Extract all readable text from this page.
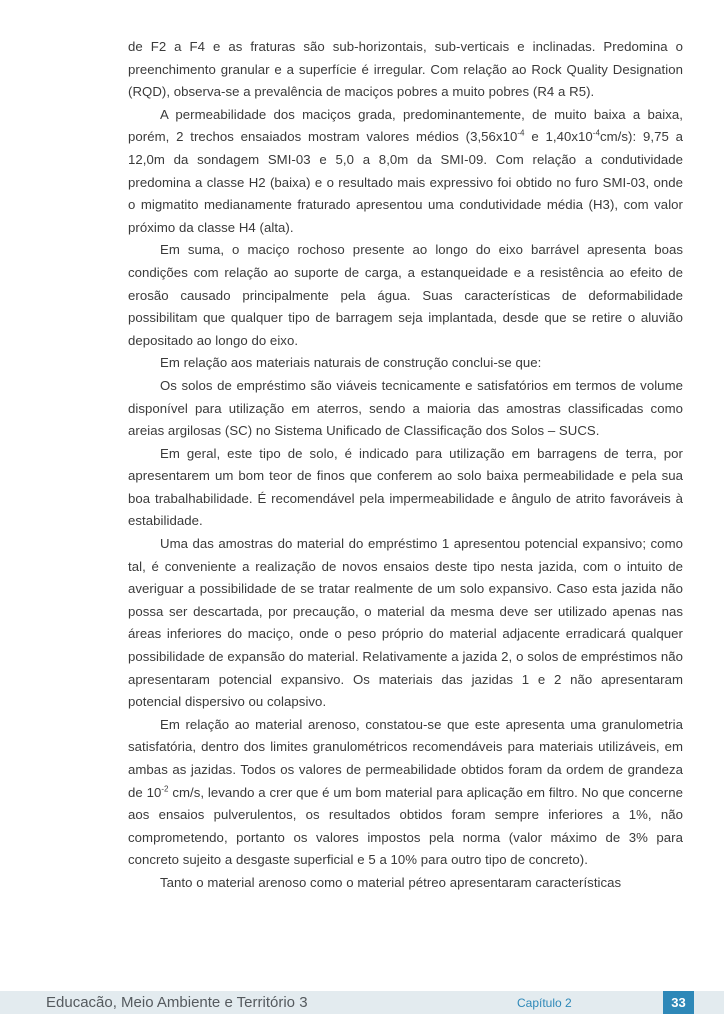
de F2 a F4 e as fraturas são sub-horizontais, sub-verticais e inclinadas. Predomina o preenchimento granular e a superfície é irregular. Com relação ao Rock Quality Designation (RQD), observa-se a prevalência de maciços pobres a muito pobres (R4 a R5).

A permeabilidade dos maciços grada, predominantemente, de muito baixa a baixa, porém, 2 trechos ensaiados mostram valores médios ($3,56x10^{-4}$ e $1,40x10^{-4}cm/s$): 9,75 a 12,0m da sondagem SMI-03 e 5,0 a 8,0m da SMI-09. Com relação a condutividade predomina a classe H2 (baixa) e o resultado mais expressivo foi obtido no furo SMI-03, onde o migmatito medianamente fraturado apresentou uma condutividade média (H3), com valor próximo da classe H4 (alta).

Em suma, o maciço rochoso presente ao longo do eixo barrável apresenta boas condições com relação ao suporte de carga, a estanqueidade e a resistência ao efeito de erosão causado principalmente pela água. Suas características de deformabilidade possibilitam que qualquer tipo de barragem seja implantada, desde que se retire o aluvião depositado ao longo do eixo.

Em relação aos materiais naturais de construção conclui-se que:

Os solos de empréstimo são viáveis tecnicamente e satisfatórios em termos de volume disponível para utilização em aterros, sendo a maioria das amostras classificadas como areias argilosas (SC) no Sistema Unificado de Classificação dos Solos – SUCS.

Em geral, este tipo de solo, é indicado para utilização em barragens de terra, por apresentarem um bom teor de finos que conferem ao solo baixa permeabilidade e pela sua boa trabalhabilidade. É recomendável pela impermeabilidade e ângulo de atrito favoráveis à estabilidade.

Uma das amostras do material do empréstimo 1 apresentou potencial expansivo; como tal, é conveniente a realização de novos ensaios deste tipo nesta jazida, com o intuito de averiguar a possibilidade de se tratar realmente de um solo expansivo. Caso esta jazida não possa ser descartada, por precaução, o material da mesma deve ser utilizado apenas nas áreas inferiores do maciço, onde o peso próprio do material adjacente erradicará qualquer possibilidade de expansão do material. Relativamente a jazida 2, o solos de empréstimos não apresentaram potencial expansivo. Os materiais das jazidas 1 e 2 não apresentaram potencial dispersivo ou colapsivo.

Em relação ao material arenoso, constatou-se que este apresenta uma granulometria satisfatória, dentro dos limites granulométricos recomendáveis para materiais utilizáveis, em ambas as jazidas. Todos os valores de permeabilidade obtidos foram da ordem de grandeza de $10^{-2}$ cm/s, levando a crer que é um bom material para aplicação em filtro. No que concerne aos ensaios pulverulentos, os resultados obtidos foram sempre inferiores a 1%, não comprometendo, portanto os valores impostos pela norma (valor máximo de 3% para concreto sujeito a desgaste superficial e 5 a 10% para outro tipo de concreto).

Tanto o material arenoso como o material pétreo apresentaram características

Educacão, Meio Ambiente e Território 3	Capítulo 2	33
